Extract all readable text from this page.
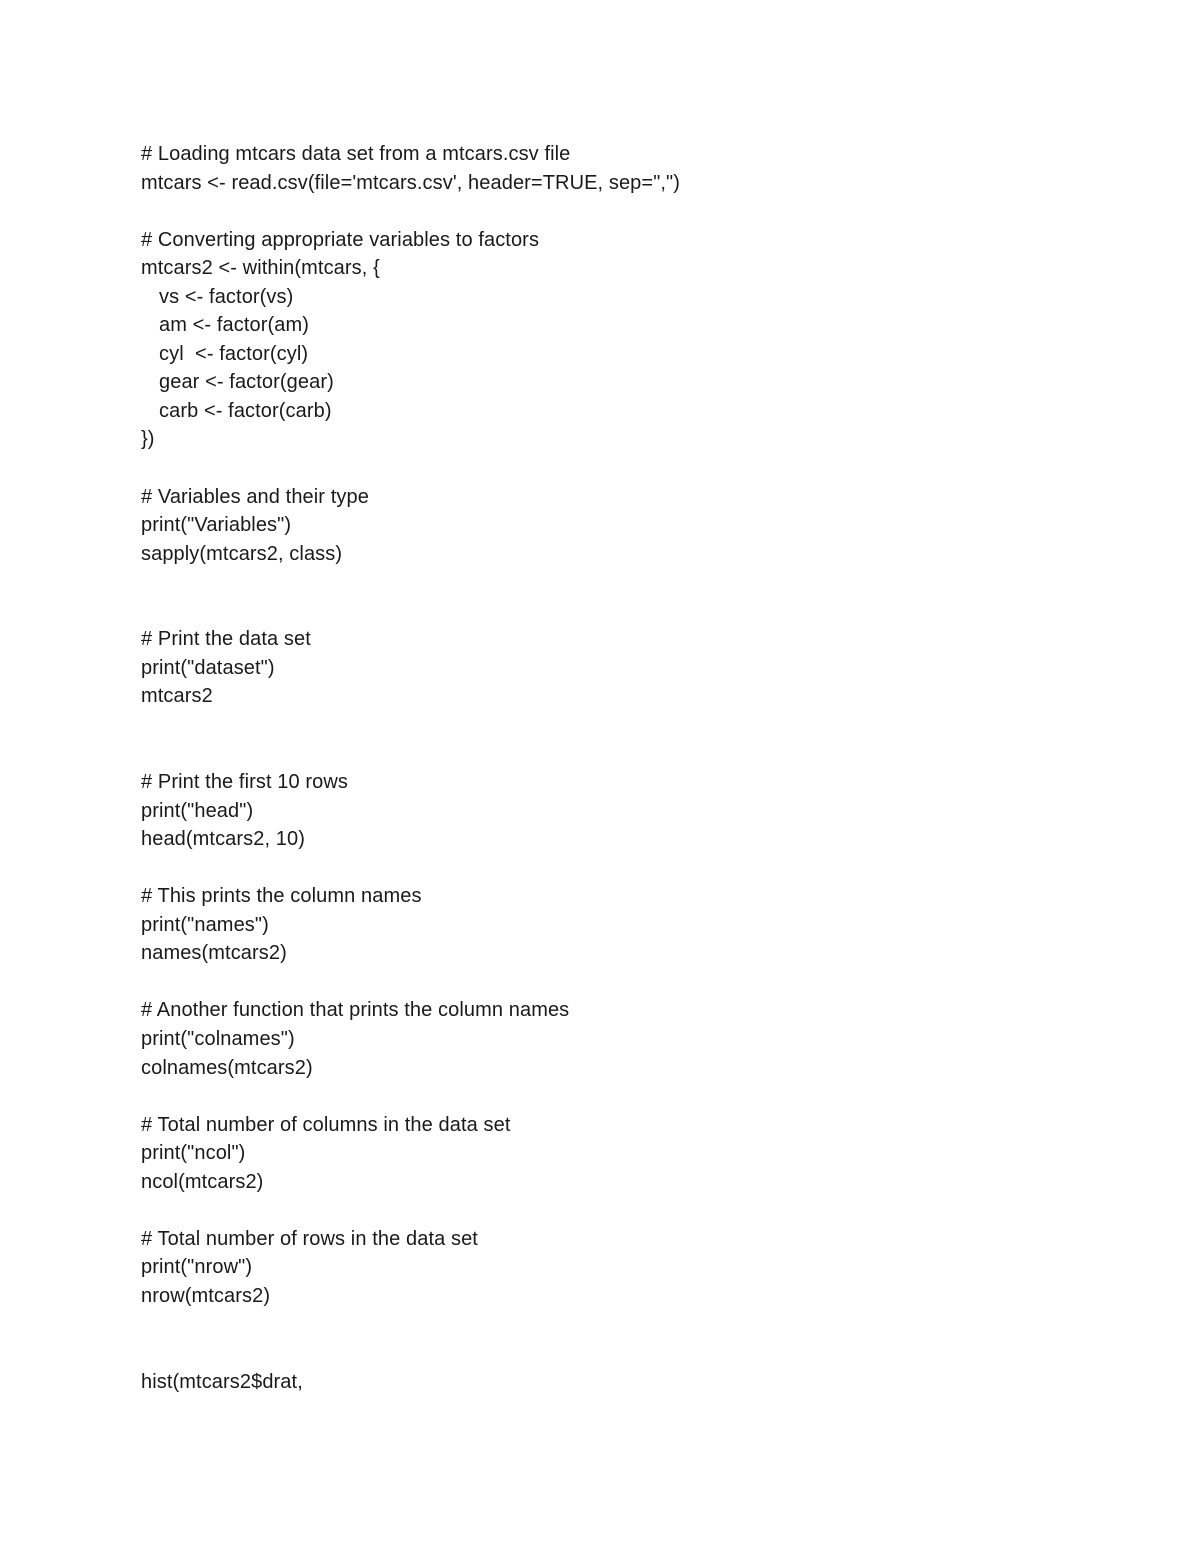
# Loading mtcars data set from a mtcars.csv file
mtcars <- read.csv(file='mtcars.csv', header=TRUE, sep=",")
# Converting appropriate variables to factors
mtcars2 <- within(mtcars, {
vs <- factor(vs)
am <- factor(am)
cyl  <- factor(cyl)
gear <- factor(gear)
carb <- factor(carb)
})
# Variables and their type
print("Variables")
sapply(mtcars2, class)
# Print the data set
print("dataset")
mtcars2
# Print the first 10 rows
print("head")
head(mtcars2, 10)
# This prints the column names
print("names")
names(mtcars2)
# Another function that prints the column names
print("colnames")
colnames(mtcars2)
# Total number of columns in the data set
print("ncol")
ncol(mtcars2)
# Total number of rows in the data set
print("nrow")
nrow(mtcars2)
hist(mtcars2$drat,
